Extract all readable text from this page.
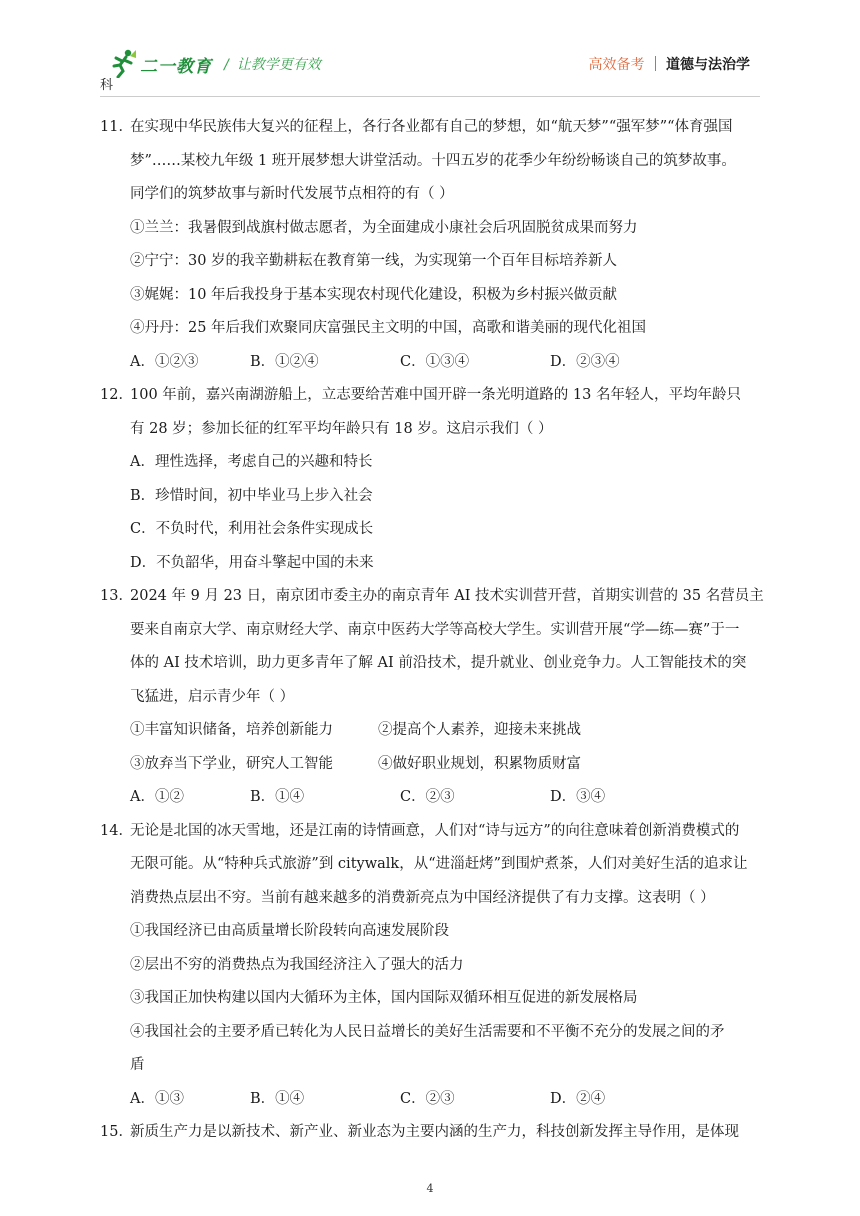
二一教育 / 让教学更有效
科
高效备考 道德与法治学
11．在实现中华民族伟大复兴的征程上，各行各业都有自己的梦想，如“航天梦”“强军梦”“体育强国
梦”……某校九年级 1 班开展梦想大讲堂活动。十四五岁的花季少年纷纷畅谈自己的筑梦故事。
同学们的筑梦故事与新时代发展节点相符的有（ ）
①兰兰：我暑假到战旗村做志愿者，为全面建成小康社会后巩固脱贫成果而努力
②宁宁：30 岁的我辛勤耕耘在教育第一线，为实现第一个百年目标培养新人
③娓娓：10 年后我投身于基本实现农村现代化建设，积极为乡村振兴做贡献
④丹丹：25 年后我们欢聚同庆富强民主文明的中国，高歌和谐美丽的现代化祖国
A．①②③	B．①②④	C．①③④	D．②③④
12．100 年前，嘉兴南湖游船上，立志要给苦难中国开辟一条光明道路的 13 名年轻人，平均年龄只
有 28 岁；参加长征的红军平均年龄只有 18 岁。这启示我们（ ）
A．理性选择，考虑自己的兴趣和特长
B．珍惜时间，初中毕业马上步入社会
C．不负时代，利用社会条件实现成长
D．不负韶华，用奋斗擎起中国的未来
13．2024 年 9 月 23 日，南京团市委主办的南京青年 AI 技术实训营开营，首期实训营的 35 名营员主
要来自南京大学、南京财经大学、南京中医药大学等高校大学生。实训营开展“学—练—赛”于一
体的 AI 技术培训，助力更多青年了解 AI 前沿技术，提升就业、创业竞争力。人工智能技术的突
飞猛进，启示青少年（ ）
①丰富知识储备，培养创新能力	②提高个人素养，迎接未来挑战
③放弃当下学业，研究人工智能	④做好职业规划，积累物质财富
A．①②	B．①④	C．②③	D．③④
14．无论是北国的冰天雪地，还是江南的诗情画意，人们对“诗与远方”的向往意味着创新消费模式的
无限可能。从“特种兵式旅游”到 citywalk，从“进淄赶烤”到围炉煮茶，人们对美好生活的追求让
消费热点层出不穷。当前有越来越多的消费新亮点为中国经济提供了有力支撑。这表明（ ）
①我国经济已由高质量增长阶段转向高速发展阶段
②层出不穷的消费热点为我国经济注入了强大的活力
③我国正加快构建以国内大循环为主体，国内国际双循环相互促进的新发展格局
④我国社会的主要矛盾已转化为人民日益增长的美好生活需要和不平衡不充分的发展之间的矛
盾
A．①③	B．①④	C．②③	D．②④
15．新质生产力是以新技术、新产业、新业态为主要内涵的生产力，科技创新发挥主导作用，是体现
4
